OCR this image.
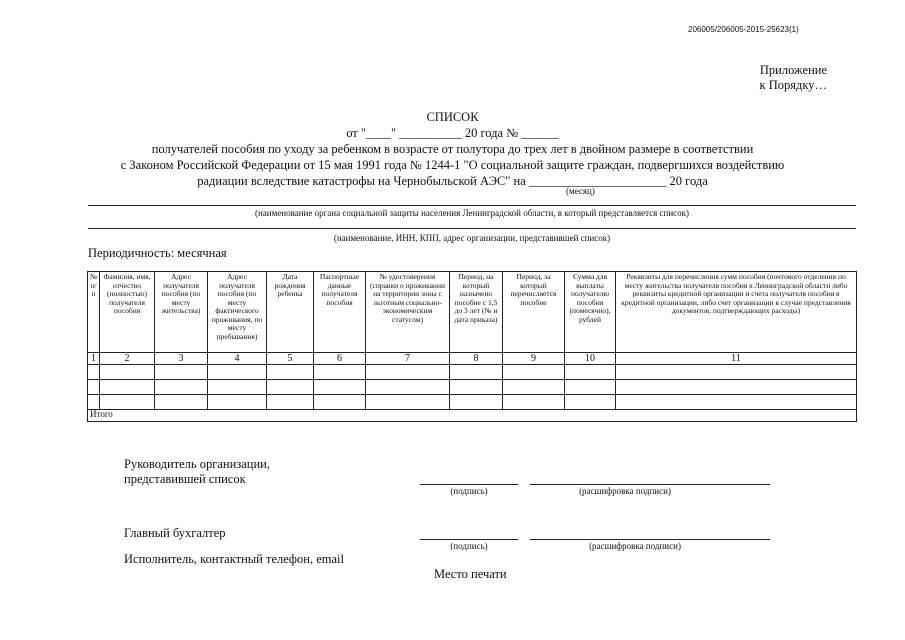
206005/206005-2015-25623(1)
Приложение
к Порядку…
СПИСОК
от "____" __________ 20 года № ______
получателей пособия по уходу за ребенком в возрасте от полутора до трех лет в двойном размере в соответствии
с Законом Российской Федерации от 15 мая 1991 года № 1244-1 "О социальной защите граждан, подвергшихся воздействию
радиации вследствие катастрофы на Чернобыльской АЭС" на ______________________ 20 года
(месяц)
(наименование органа социальной защиты населения Ленинградской области, в который представляется список)
(наименование, ИНН, КПП, адрес организации, представившей список)
Периодичность: месячная
№ п/п	Фамилия, имя, отчество (полностью) получателя пособия	Адрес получателя пособия (по месту жительства)	Адрес получателя пособия (по месту фактического проживания, по месту пребывания)	Дата рождения ребенка	Паспортные данные получателя пособия	№ удостоверения (справки о проживании на территории зоны с льготным социально-экономическим статусом)	Период, на который назначено пособие с 1,5 до 3 лет (№ и дата приказа)	Период, за который перечисляется пособие	Сумма для выплаты получателю пособия (помесячно), рублей	Реквизиты для перечисления сумм пособия (почтового отделения по месту жительства получателя пособия в Ленинградской области либо реквизиты кредитной организации и счета получателя пособия в кредитной организации, либо счет организации в случае представления документов, подтверждающих расходы)
1	2	3	4	5	6	7	8	9	10	11

Итого										
Руководитель организации,
представившей список
(подпись)	(расшифровка подписи)
Главный бухгалтер
(подпись)	(расшифровка подписи)
Исполнитель, контактный телефон, email
Место печати
